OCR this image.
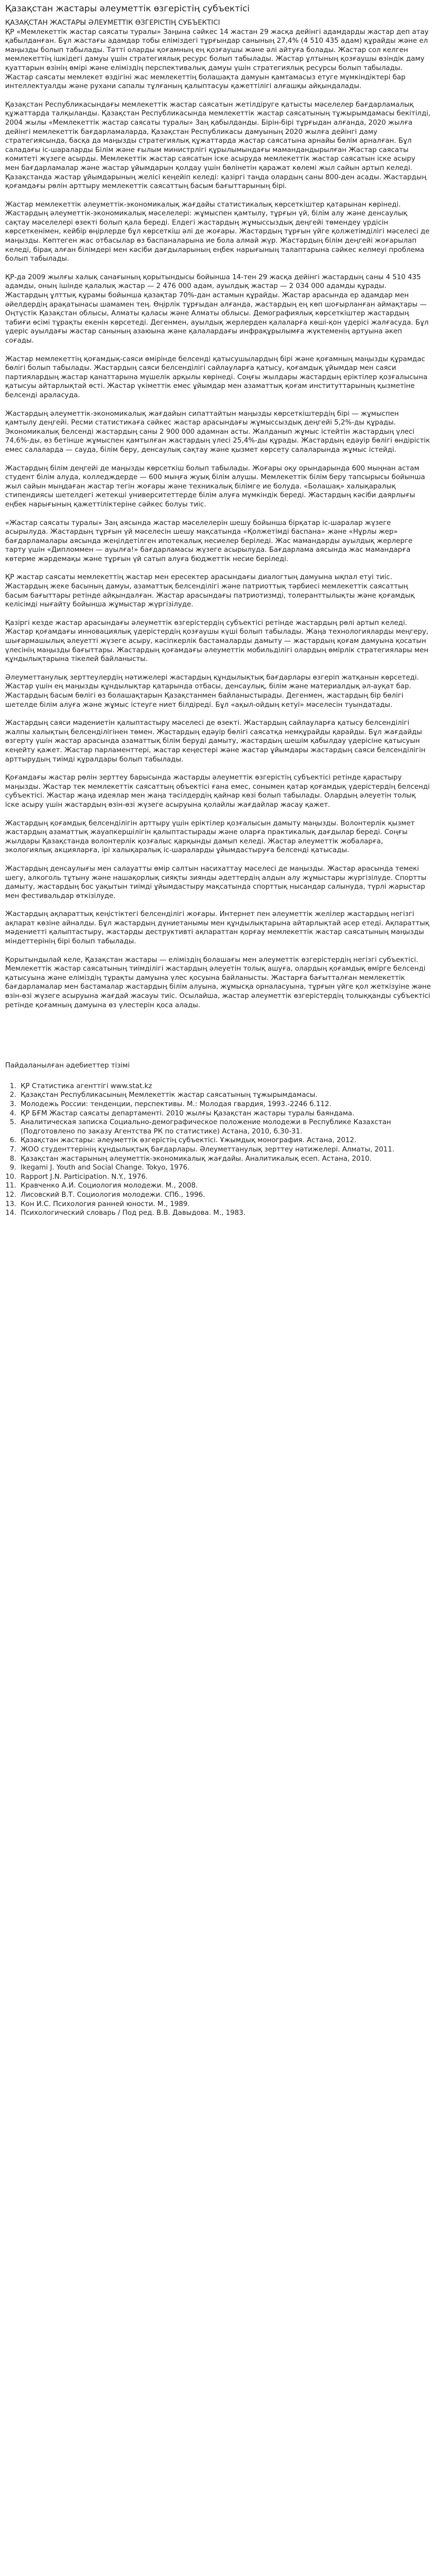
Қазақстан жастары әлеуметтік өзгерістің субъектісі

ҚАЗАҚСТАН ЖАСТАРЫ ӘЛЕУМЕТТІК ӨЗГЕРІСТІҢ СУБЪЕКТІСІ

ҚР «Мемлекеттік жастар саясаты туралы» Заңына сәйкес 14 жастан 29 жасқа дейінгі адамдарды жастар деп атау қабылданған. Бұл жастағы адамдар тобы еліміздегі тұрғындар санының 27,4% (4 510 435 адам) құрайды және ел маңызды болып табылады. Тәтті оларды қоғамның ең қозғаушы және әлі айтуға болады. Жастар сол келген мемлекеттің ішкідегі дамуы үшін стратегиялық ресурс болып табылады. Жастар ұлтының қозғаушы өзіндік даму қуаттарын өзінің өмірі және еліміздің перспективалық дамуы үшін стратегиялық ресурсы болып табылады. Жастар саясаты мемлекет өздігіні жас мемлекеттің болашақта дамуын қамтамасыз етуге мүмкіндіктері бар интеллектуалды және рухани сапалы тұлғаның қалыптасуы қажеттілігі алғашқы айқындалады.

Қазақстан Республикасындағы мемлекеттік жастар саясатын жетілдіруге қатысты мәселелер бағдарламалық құжаттарда талқыланды. Қазақстан Республикасында мемлекеттік жастар саясатының тұжырымдамасы бекітілді, 2004 жылы «Мемлекеттік жастар саясаты туралы» Заң қабылданды. Бірін-бірі тұрғыдан алғанда, 2020 жылға дейінгі мемлекеттік бағдарламаларда, Қазақстан Республикасы дамуының 2020 жылға дейінгі даму стратегиясында, басқа да маңызды стратегиялық құжаттарда жастар саясатына арнайы бөлім арналған. Бұл саладағы іс-шараларды Білім және ғылым министрлігі құрылымындағы мамандандырылған Жастар саясаты комитеті жүзеге асырды. Мемлекеттік жастар саясатын іске асыруда мемлекеттік жастар саясатын іске асыру мен бағдарламалар және жастар ұйымдарын қолдау үшін бөлінетін қаражат көлемі жыл сайын артып келеді. Қазақстанда жастар ұйымдарының желісі кеңейіп келеді: қазіргі таңда олардың саны 800-ден асады. Жастардың қоғамдағы рөлін арттыру мемлекеттік саясаттың басым бағыттарының бірі.

Жастар мемлекеттік әлеуметтік-экономикалық жағдайы статистикалық көрсеткіштер қатарынан көрінеді. Жастардың әлеуметтік-экономикалық мәселелері: жұмыспен қамтылу, тұрғын үй, білім алу және денсаулық сақтау мәселелері өзекті болып қала береді. Елдегі жастардың жұмыссыздық деңгейі төмендеу үрдісін көрсеткенімен, кейбір өңірлерде бұл көрсеткіш әлі де жоғары. Жастардың тұрғын үйге қолжетімділігі мәселесі де маңызды. Көптеген жас отбасылар өз баспаналарына ие бола алмай жүр. Жастардың білім деңгейі жоғарылап келеді, бірақ алған білімдері мен кәсіби дағдыларының еңбек нарығының талаптарына сәйкес келмеуі проблема болып табылады.

ҚР-да 2009 жылғы халық санағының қорытындысы бойынша 14-тен 29 жасқа дейінгі жастардың саны 4 510 435 адамды, оның ішінде қалалық жастар — 2 476 000 адам, ауылдық жастар — 2 034 000 адамды құрады. Жастардың ұлттық құрамы бойынша қазақтар 70%-дан астамын құрайды. Жастар арасында ер адамдар мен әйелдердің арақатынасы шамамен тең. Өңірлік тұрғыдан алғанда, жастардың ең көп шоғырланған аймақтары — Оңтүстік Қазақстан облысы, Алматы қаласы және Алматы облысы. Демографиялық көрсеткіштер жастардың табиғи өсімі тұрақты екенін көрсетеді. Дегенмен, ауылдық жерлерден қалаларға көші-қон үдерісі жалғасуда. Бұл үдеріс ауылдағы жастар санының азаюына және қалалардағы инфрақұрылымға жүктеменің артуына әкеп соғады.

Жастар мемлекеттің қоғамдық-саяси өмірінде белсенді қатысушылардың бірі және қоғамның маңызды құрамдас бөлігі болып табылады. Жастардың саяси белсенділігі сайлауларға қатысу, қоғамдық ұйымдар мен саяси партиялардың жастар қанаттарына мүшелік арқылы көрінеді. Соңғы жылдары жастардың еріктілер қозғалысына қатысуы айтарлықтай өсті. Жастар үкіметтік емес ұйымдар мен азаматтық қоғам институттарының қызметіне белсенді араласуда.

Жастардың әлеуметтік-экономикалық жағдайын сипаттайтын маңызды көрсеткіштердің бірі — жұмыспен қамтылу деңгейі. Ресми статистикаға сәйкес жастар арасындағы жұмыссыздық деңгейі 5,2%-ды құрады. Экономикалық белсенді жастардың саны 2 900 000 адамнан асты. Жалданып жұмыс істейтін жастардың үлесі 74,6%-ды, өз бетінше жұмыспен қамтылған жастардың үлесі 25,4%-ды құрады. Жастардың едәуір бөлігі өндірістік емес салаларда — сауда, білім беру, денсаулық сақтау және қызмет көрсету салаларында жұмыс істейді.

Жастардың білім деңгейі де маңызды көрсеткіш болып табылады. Жоғары оқу орындарында 600 мыңнан астам студент білім алуда, колледждерде — 600 мыңға жуық білім алушы. Мемлекеттік білім беру тапсырысы бойынша жыл сайын мыңдаған жастар тегін жоғары және техникалық білімге ие болуда. «Болашақ» халықаралық стипендиясы шетелдегі жетекші университеттерде білім алуға мүмкіндік береді. Жастардың кәсіби даярлығы еңбек нарығының қажеттіліктеріне сәйкес болуы тиіс.

«Жастар саясаты туралы» Заң аясында жастар мәселелерін шешу бойынша бірқатар іс-шаралар жүзеге асырылуда. Жастардың тұрғын үй мәселесін шешу мақсатында «Қолжетімді баспана» және «Нұрлы жер» бағдарламалары аясында жеңілдетілген ипотекалық несиелер беріледі. Жас мамандарды ауылдық жерлерге тарту үшін «Дипломмен — ауылға!» бағдарламасы жүзеге асырылуда. Бағдарлама аясында жас мамандарға көтерме жәрдемақы және тұрғын үй сатып алуға бюджеттік несие беріледі.

ҚР жастар саясаты мемлекеттің жастар мен ересектер арасындағы диалогтың дамуына ықпал етуі тиіс. Жастардың жеке басының дамуы, азаматтық белсенділігі және патриоттық тәрбиесі мемлекеттік саясаттың басым бағыттары ретінде айқындалған. Жастар арасындағы патриотизмді, толеранттылықты және қоғамдық келісімді нығайту бойынша жұмыстар жүргізілуде.

Қазіргі кезде жастар арасындағы әлеуметтік өзгерістердің субъектісі ретінде жастардың рөлі артып келеді. Жастар қоғамдағы инновациялық үдерістердің қозғаушы күші болып табылады. Жаңа технологияларды меңгеру, шығармашылық әлеуетті жүзеге асыру, кәсіпкерлік бастамаларды дамыту — жастардың қоғам дамуына қосатын үлесінің маңызды бағыттары. Жастардың қоғамдағы әлеуметтік мобильділігі олардың өмірлік стратегиялары мен құндылықтарына тікелей байланысты.

Әлеуметтанулық зерттеулердің нәтижелері жастардың құндылықтық бағдарлары өзгеріп жатқанын көрсетеді. Жастар үшін ең маңызды құндылықтар қатарында отбасы, денсаулық, білім және материалдық әл-ауқат бар. Жастардың басым бөлігі өз болашақтарын Қазақстанмен байланыстырады. Дегенмен, жастардың бір бөлігі шетелде білім алуға және жұмыс істеуге ниет білдіреді. Бұл «ақыл-ойдың кетуі» мәселесін туындатады.

Жастардың саяси мәдениетін қалыптастыру мәселесі де өзекті. Жастардың сайлауларға қатысу белсенділігі жалпы халықтың белсенділігінен төмен. Жастардың едәуір бөлігі саясатқа немқұрайды қарайды. Бұл жағдайды өзгерту үшін жастар арасында азаматтық білім беруді дамыту, жастардың шешім қабылдау үдерісіне қатысуын кеңейту қажет. Жастар парламенттері, жастар кеңестері және жастар ұйымдары жастардың саяси белсенділігін арттырудың тиімді құралдары болып табылады.

Қоғамдағы жастар рөлін зерттеу барысында жастарды әлеуметтік өзгерістің субъектісі ретінде қарастыру маңызды. Жастар тек мемлекеттік саясаттың объектісі ғана емес, сонымен қатар қоғамдық үдерістердің белсенді субъектісі. Жастар жаңа идеялар мен жаңа тәсілдердің қайнар көзі болып табылады. Олардың әлеуетін толық іске асыру үшін жастардың өзін-өзі жүзеге асыруына қолайлы жағдайлар жасау қажет.

Жастардың қоғамдық белсенділігін арттыру үшін еріктілер қозғалысын дамыту маңызды. Волонтерлік қызмет жастардың азаматтық жауапкершілігін қалыптастырады және оларға практикалық дағдылар береді. Соңғы жылдары Қазақстанда волонтерлік қозғалыс қарқынды дамып келеді. Жастар әлеуметтік жобаларға, экологиялық акцияларға, ірі халықаралық іс-шараларды ұйымдастыруға белсенді қатысады.

Жастардың денсаулығы мен салауатты өмір салтын насихаттау мәселесі де маңызды. Жастар арасында темекі шегу, алкоголь тұтыну және нашақорлық сияқты зиянды әдеттердің алдын алу жұмыстары жүргізілуде. Спортты дамыту, жастардың бос уақытын тиімді ұйымдастыру мақсатында спорттық нысандар салынуда, түрлі жарыстар мен фестивальдар өткізілуде.

Жастардың ақпараттық кеңістіктегі белсенділігі жоғары. Интернет пен әлеуметтік желілер жастардың негізгі ақпарат көзіне айналды. Бұл жастардың дүниетанымы мен құндылықтарына айтарлықтай әсер етеді. Ақпараттық мәдениетті қалыптастыру, жастарды деструктивті ақпараттан қорғау мемлекеттік жастар саясатының маңызды міндеттерінің бірі болып табылады.

Қорытындылай келе, Қазақстан жастары — еліміздің болашағы мен әлеуметтік өзгерістердің негізгі субъектісі. Мемлекеттік жастар саясатының тиімділігі жастардың әлеуетін толық ашуға, олардың қоғамдық өмірге белсенді қатысуына және еліміздің тұрақты дамуына үлес қосуына байланысты. Жастарға бағытталған мемлекеттік бағдарламалар мен бастамалар жастардың білім алуына, жұмысқа орналасуына, тұрғын үйге қол жеткізуіне және өзін-өзі жүзеге асыруына жағдай жасауы тиіс. Осылайша, жастар әлеуметтік өзгерістердің толыққанды субъектісі ретінде қоғамның дамуына өз үлестерін қоса алады.

Пайдаланылған әдебиеттер тізімі

1. ҚР Статистика агенттігі www.stat.kz
2. Қазақстан Республикасының Мемлекеттік жастар саясатының тұжырымдамасы.
3. Молодежь России: тенденции, перспективы. М.: Молодая гвардия, 1993.-2246 б.112.
4. ҚР БҒМ Жастар саясаты департаменті. 2010 жылғы Қазақстан жастары туралы баяндама.
5. Аналитическая записка Социально-демографическое положение молодежи в Республике Казахстан (Подготовлено по заказу Агентства РК по статистике) Астана, 2010, б.30-31.
6. Қазақстан жастары: әлеуметтік өзгерістің субъектісі. Ұжымдық монография. Астана, 2012.
7. ЖОО студенттерінің құндылықтық бағдарлары. Әлеуметтанулық зерттеу нәтижелері. Алматы, 2011.
8. Қазақстан жастарының әлеуметтік-экономикалық жағдайы. Аналитикалық есеп. Астана, 2010.
9. Ikegami J. Youth and Social Change. Tokyo, 1976.
10. Rapport J.N. Participation. N.Y., 1976.
11. Кравченко А.И. Социология молодежи. М., 2008.
12. Лисовский В.Т. Социология молодежи. СПб., 1996.
13. Кон И.С. Психология ранней юности. М., 1989.
14. Психологический словарь / Под ред. В.В. Давыдова. М., 1983.
